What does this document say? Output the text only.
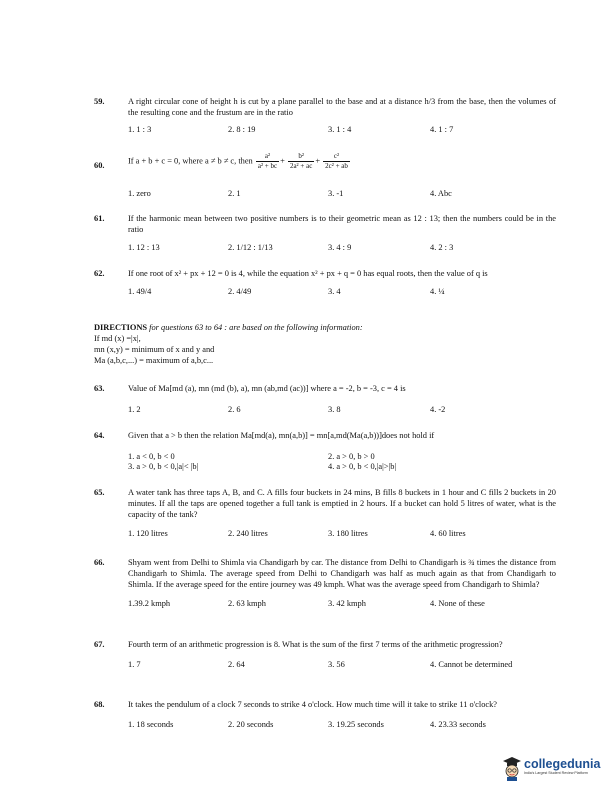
59.	A right circular cone of height h is cut by a plane parallel to the base and at a distance h/3 from the base, then the volumes of the resulting cone and the frustum are in the ratio
1. 1 : 3	2. 8 : 19	3. 1 : 4	4. 1 : 7
60.	If a + b + c = 0, where a ≠ b ≠ c, then $\frac{\text{a²}}{\text{a² + bc}} + \frac{\text{b²}}{\text{2a² + ac}} + \frac{\text{c²}}{\text{2c² + ab}}$
1. zero	2. 1	3. -1	4. Abc
61.	If the harmonic mean between two positive numbers is to their geometric mean as 12 : 13; then the numbers could be in the ratio
1. 12 : 13	2. 1/12 : 1/13	3. 4 : 9	4. 2 : 3
62.	If one root of x² + px + 12 = 0 is 4, while the equation x² + px + q = 0 has equal roots, then the value of q is
1. 49/4	2. 4/49	3. 4	4. ¼
DIRECTIONS for questions 63 to 64 : are based on the following information:
If md (x) =|x|,
mn (x,y) = minimum of x and y and
Ma (a,b,c,...) = maximum of a,b,c...
63.	Value of Ma[md (a), mn (md (b), a), mn (ab,md (ac))] where a = -2, b = -3, c = 4 is
1. 2	2. 6	3. 8	4. -2
64.	Given that a > b then the relation Ma[md(a), mn(a,b)] = mn[a,md(Ma(a,b))]does not hold if
1. a < 0, b < 0	2. a > 0, b > 0
3. a > 0, b < 0,|a|< |b|	4. a > 0, b < 0,|a|>|b|
65.	A water tank has three taps A, B, and C. A fills four buckets in 24 mins, B fills 8 buckets in 1 hour and C fills 2 buckets in 20 minutes. If all the taps are opened together a full tank is emptied in 2 hours. If a bucket can hold 5 litres of water, what is the capacity of the tank?
1. 120 litres	2. 240 litres	3. 180 litres	4. 60 litres
66.	Shyam went from Delhi to Shimla via Chandigarh by car. The distance from Delhi to Chandigarh is ¾ times the distance from Chandigarh to Shimla. The average speed from Delhi to Chandigarh was half as much again as that from Chandigarh to Shimla. If the average speed for the entire journey was 49 kmph. What was the average speed from Chandigarh to Shimla?
1.39.2 kmph	2. 63 kmph	3. 42 kmph	4. None of these
67.	Fourth term of an arithmetic progression is 8. What is the sum of the first 7 terms of the arithmetic progression?
1. 7	2. 64	3. 56	4. Cannot be determined
68.	It takes the pendulum of a clock 7 seconds to strike 4 o'clock. How much time will it take to strike 11 o'clock?
1. 18 seconds	2. 20 seconds	3. 19.25 seconds	4. 23.33 seconds
collegedunia
India's Largest Student Review Platform
